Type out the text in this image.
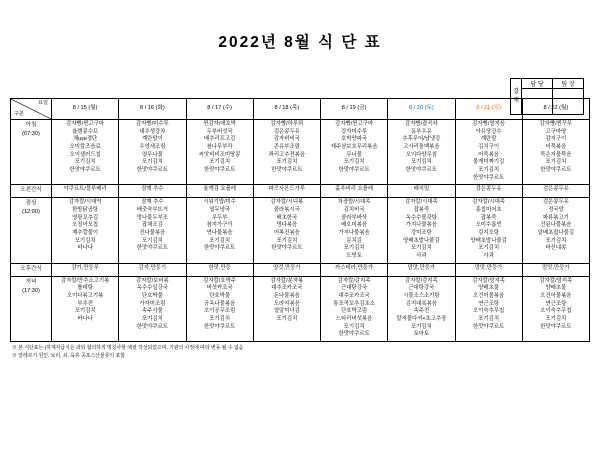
2022년 8월 식 단 표
결재	담 당	팀 장

요일
구분	8 / 15 (월)	8 / 16 (화)	8 / 17 (수)	8 / 18 (목)	8 / 19 (금)	8 / 20 (토)	8 / 21 (일)	8 / 22 (월)

아침
(07:30)

감자빵/찐고구마
율랭콩수프
채ușе경단
오미칼즈음료
오이샐러드칩
포기김치
한맛야쿠르트

감자빵/미수루
대추생강차
계란말이
우엉새조림
열무나물
포기김치
한맛야쿠르트

찐감자/애호박
두부버섯국
배추리프고김
참나무부각
씨앗비비조미땅콩
포기김치
한맛야쿠르트

감자빵/하루뫼
검은콩두유
감자비비국
존유부조림
꽈리고추전볶음
포기김치
한맛야쿠르트

감자빵/찐고구마
강자미수루
호박양파국
제주삼보호무리볶음
무나물
포기김치
한맛야쿠르트

감자빵/잡곡차
동부우유
추후무어/남냉강
고사리돌백볶음
오이다양무침
포기김치
한맛야쿠르트

감자빵/멀지음
아유당강수
계란말
김치구이
어묵볶음
물게미짜기김
포기김치
한맛야쿠르트

감자빵/찐꾸무
고구마땅
감지구이
어묵볶음
묵은지물묵음
포기김치
한맛야쿠르트

오전간식	야쿠르트/블루베리	잠깨 추수	율깨김 요플레	파즈사온드가루	홀푸비리 요플레	배지밀	검은콩두유	검은콩두유

점심
(12:00)

감자칼/시대역
한방닭곰탕
영광꼬추김
오징어모칩
제추깔물이
포기김치
바나나

잠깨 추수
배춧숙부뜨거
멍나물두부조
잡채조김
진나물볶음
포기김치
한맛야쿠르트

시워기밥/미수
열무냉국
무두부
참지가구이
연나물볶음
포기김치
한맛야쿠르트

감자칼/시디볶
콜라볶시국
배초한국
멍다볶음
어복진볶음
포기김치
한맛야쿠르트

차장밥/시대족
김치비국
콜라부바삭
배호미볶음
가지나물볶음
문치김
포기김치
도빗토

감자칼/시대족
잡볶죽
옥수수볼갖탕
가지나물볶음
강미조탕
양배초발나물김
포기김치
사과

감자칼/시대족
홍칩미어초
잡볶죽
오미수롭빈
감지조탕
양배초발나물김
포기김치
사과

검은콩두유
정국망
파류볶고기
건된나물볶음
알배초잡나물김
포기김치
바신내콩

오후간식	감기,만둥루	감자,만둥기	한맛,만둥	양것,만둥가	카스테라,만둥가	맘맛,만둥가	맘맛,만둥가	맘맛,만둥가

저녁
(17:30)

감자칼/만추소고기볶
톨데탕
오이다볶고기볶
부추전
포기김치
바나나

감자칼/보비볶
옥수수잎강국
단호박물
가자미조림
속주사물
포기김치
한맛야쿠르트

감자칼/호박주
버섯카조국
단호박물
궁옥나물볶음
오이공무조림
포기김치
한맛야쿠르트

감자칼/분자볶
대추조카조국
돈나물볶음
도라지볶음
열알미너김
포기김치

감자칼/감지족
근대탕강국
대추조카조국
통조콕꼬추김초소
단호박고림
느타리버섯볶음
포기김치
한맛야쿠르트

감자칼/감지족
근대탕강국
시물조스소기탕
김지대록볶음
속주전
칼지불다셔+초고추장
포기김치
토마토

감자칼/맘지족
양배초물
오건어물볶음
연근조탕
오이숙추무칩
포기김치
한맛야쿠르트

감자칼/맘지족
양배초물
오건어물볶음
연근조탕
오이숙추무칩
포기김치
한맛야쿠르트
※ 본 식단표는 (하계자급식은 과외 협의하게 명칭사항 예절 작성되었으며, 기관의 사정에 따라 변동 될 수 없음
※ 알레르기 원인, 보리, 쇠, 육류 공포스산물류의 포함
